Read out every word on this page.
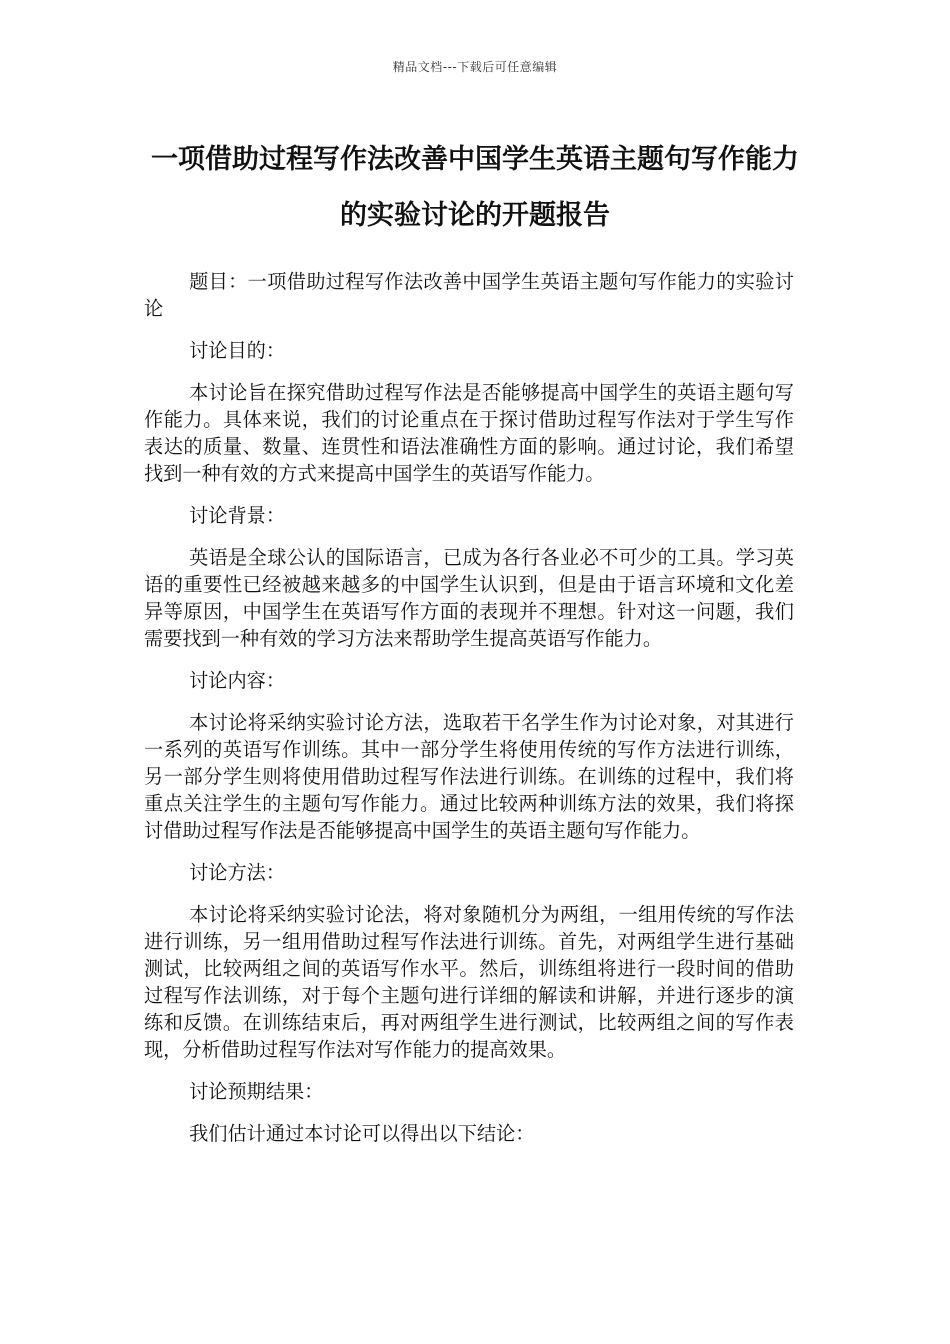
精品文档---下载后可任意编辑
一项借助过程写作法改善中国学生英语主题句写作能力的实验讨论的开题报告

题目：一项借助过程写作法改善中国学生英语主题句写作能力的实验讨论

讨论目的：

本讨论旨在探究借助过程写作法是否能够提高中国学生的英语主题句写作能力。具体来说，我们的讨论重点在于探讨借助过程写作法对于学生写作表达的质量、数量、连贯性和语法准确性方面的影响。通过讨论，我们希望找到一种有效的方式来提高中国学生的英语写作能力。

讨论背景：

英语是全球公认的国际语言，已成为各行各业必不可少的工具。学习英语的重要性已经被越来越多的中国学生认识到，但是由于语言环境和文化差异等原因，中国学生在英语写作方面的表现并不理想。针对这一问题，我们需要找到一种有效的学习方法来帮助学生提高英语写作能力。

讨论内容：

本讨论将采纳实验讨论方法，选取若干名学生作为讨论对象，对其进行一系列的英语写作训练。其中一部分学生将使用传统的写作方法进行训练，另一部分学生则将使用借助过程写作法进行训练。在训练的过程中，我们将重点关注学生的主题句写作能力。通过比较两种训练方法的效果，我们将探讨借助过程写作法是否能够提高中国学生的英语主题句写作能力。

讨论方法：

本讨论将采纳实验讨论法，将对象随机分为两组，一组用传统的写作法进行训练，另一组用借助过程写作法进行训练。首先，对两组学生进行基础测试，比较两组之间的英语写作水平。然后，训练组将进行一段时间的借助过程写作法训练，对于每个主题句进行详细的解读和讲解，并进行逐步的演练和反馈。在训练结束后，再对两组学生进行测试，比较两组之间的写作表现，分析借助过程写作法对写作能力的提高效果。

讨论预期结果：

我们估计通过本讨论可以得出以下结论：
